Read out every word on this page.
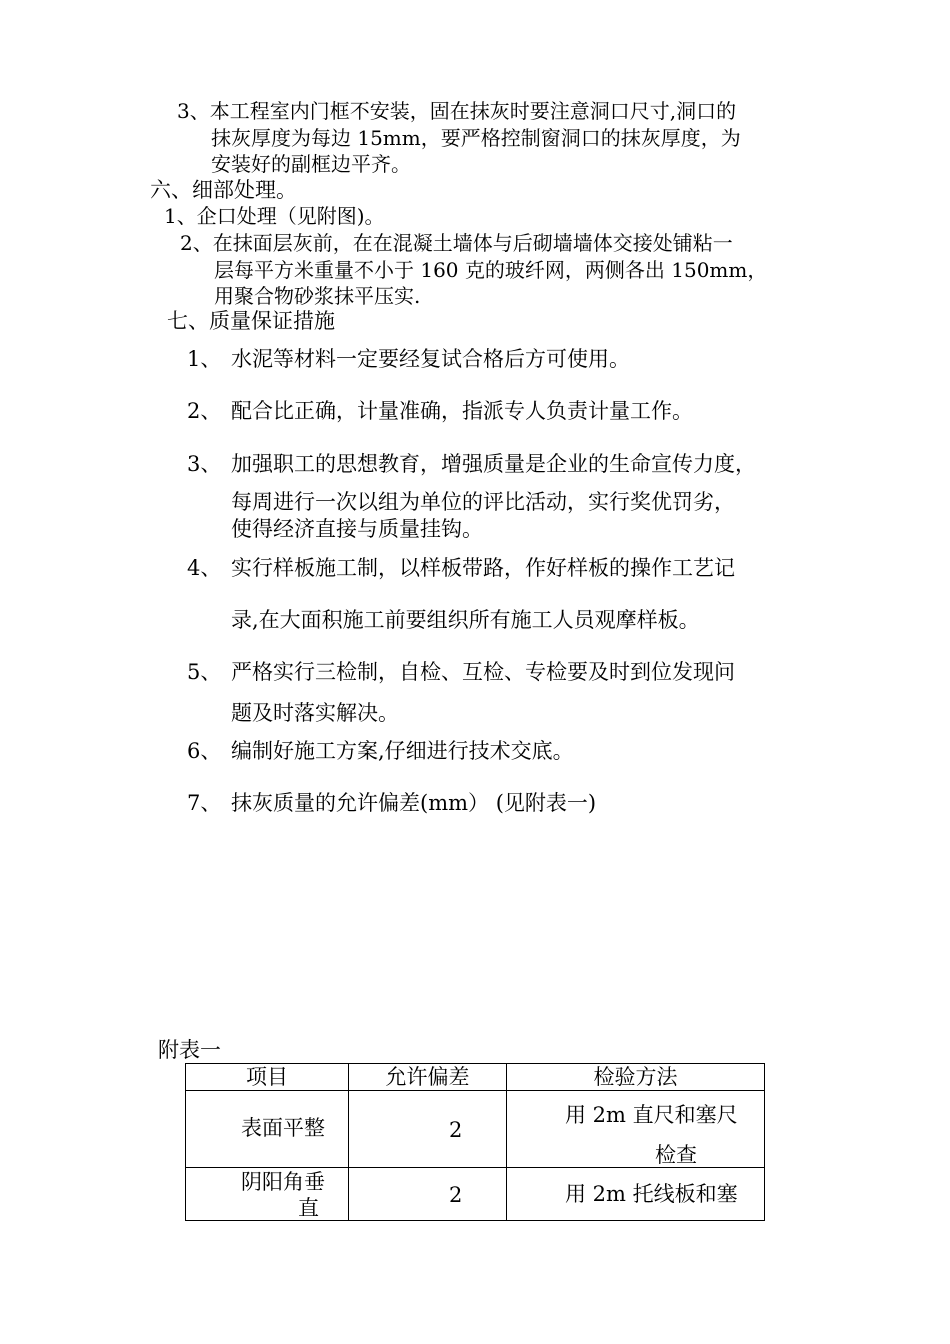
3、本工程室内门框不安装，固在抹灰时要注意洞口尺寸,洞口的
抹灰厚度为每边 15mm，要严格控制窗洞口的抹灰厚度，为
安装好的副框边平齐。
六、细部处理。
1、企口处理（见附图)。
2、在抹面层灰前，在在混凝土墙体与后砌墙墙体交接处铺粘一
层每平方米重量不小于 160 克的玻纤网，两侧各出 150mm，
用聚合物砂浆抹平压实.
七、质量保证措施
1、 水泥等材料一定要经复试合格后方可使用。
2、 配合比正确，计量准确，指派专人负责计量工作。
3、 加强职工的思想教育，增强质量是企业的生命宣传力度，
每周进行一次以组为单位的评比活动，实行奖优罚劣，
使得经济直接与质量挂钩。
4、 实行样板施工制，以样板带路，作好样板的操作工艺记
录,在大面积施工前要组织所有施工人员观摩样板。
5、 严格实行三检制，自检、互检、专检要及时到位发现问
题及时落实解决。
6、 编制好施工方案,仔细进行技术交底。
7、 抹灰质量的允许偏差(mm） (见附表一)
附表一
项目	允许偏差	检验方法

表面平整	2	用 2m 直尺和塞尺
检查

阴阳角垂
直	2	用 2m 托线板和塞
